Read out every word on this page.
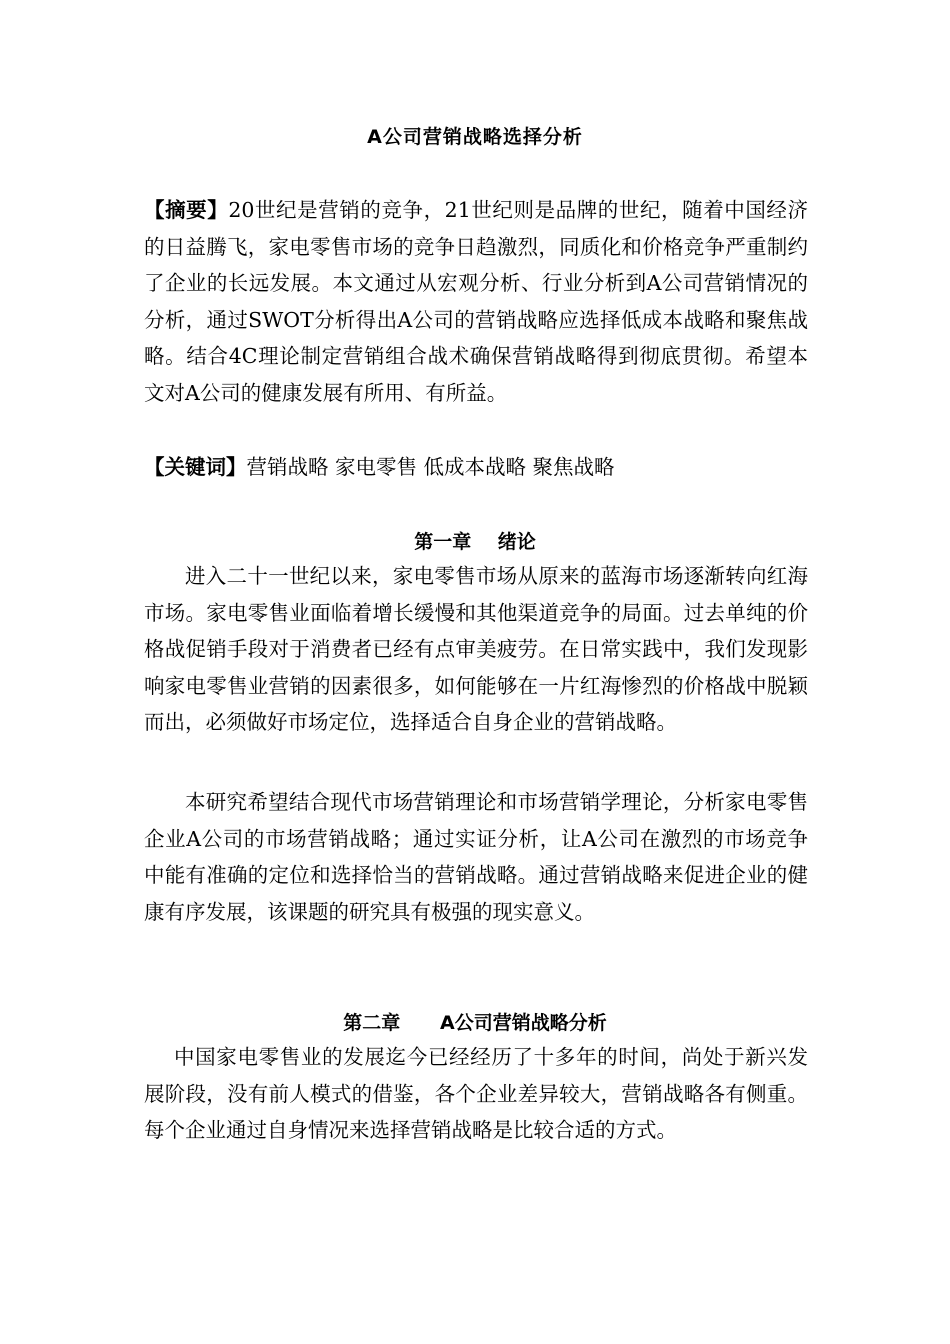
A公司营销战略选择分析

【摘要】20世纪是营销的竞争，21世纪则是品牌的世纪，随着中国经济的日益腾飞，家电零售市场的竞争日趋激烈，同质化和价格竞争严重制约了企业的长远发展。本文通过从宏观分析、行业分析到A公司营销情况的分析，通过SWOT分析得出A公司的营销战略应选择低成本战略和聚焦战略。结合4C理论制定营销组合战术确保营销战略得到彻底贯彻。希望本文对A公司的健康发展有所用、有所益。

【关键词】营销战略 家电零售 低成本战略 聚焦战略

第一章    绪论

进入二十一世纪以来，家电零售市场从原来的蓝海市场逐渐转向红海市场。家电零售业面临着增长缓慢和其他渠道竞争的局面。过去单纯的价格战促销手段对于消费者已经有点审美疲劳。在日常实践中，我们发现影响家电零售业营销的因素很多，如何能够在一片红海惨烈的价格战中脱颖而出，必须做好市场定位，选择适合自身企业的营销战略。

本研究希望结合现代市场营销理论和市场营销学理论，分析家电零售企业A公司的市场营销战略；通过实证分析，让A公司在激烈的市场竞争中能有准确的定位和选择恰当的营销战略。通过营销战略来促进企业的健康有序发展，该课题的研究具有极强的现实意义。

第二章      A公司营销战略分析

中国家电零售业的发展迄今已经经历了十多年的时间，尚处于新兴发展阶段，没有前人模式的借鉴，各个企业差异较大，营销战略各有侧重。每个企业通过自身情况来选择营销战略是比较合适的方式。
